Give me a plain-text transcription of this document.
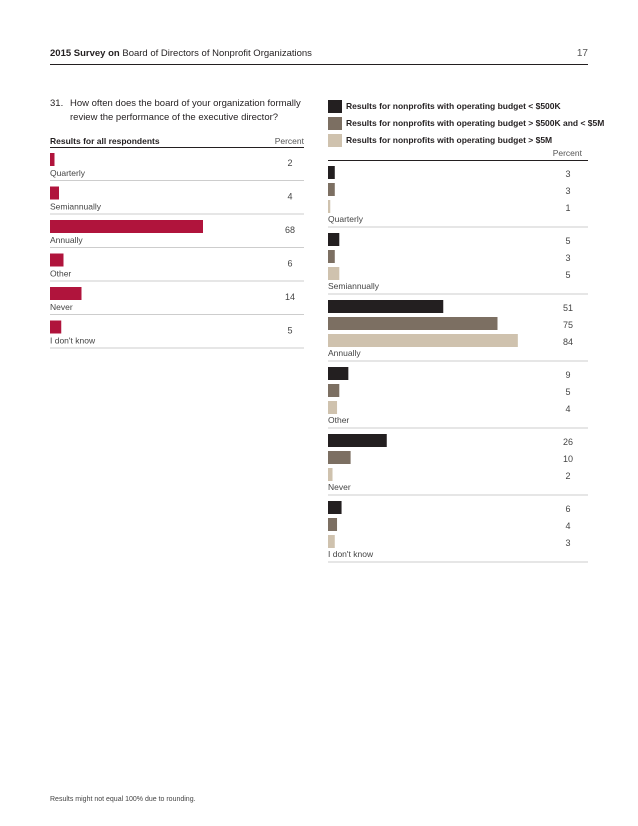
2015 Survey on Board of Directors of Nonprofit Organizations	17
31. How often does the board of your organization formally review the performance of the executive director?
Results for all respondents	Percent
Results for nonprofits with operating budget < $500K
Results for nonprofits with operating budget > $500K and < $5M
Results for nonprofits with operating budget > $5M
Percent
2
Quarterly
4
Semiannually
68
Annually
6
Other
14
Never
5
I don't know
3
3
1
Quarterly
5
3
5
Semiannually
51
75
84
Annually
9
5
4
Other
26
10
2
Never
6
4
3
I don't know
Results might not equal 100% due to rounding.
